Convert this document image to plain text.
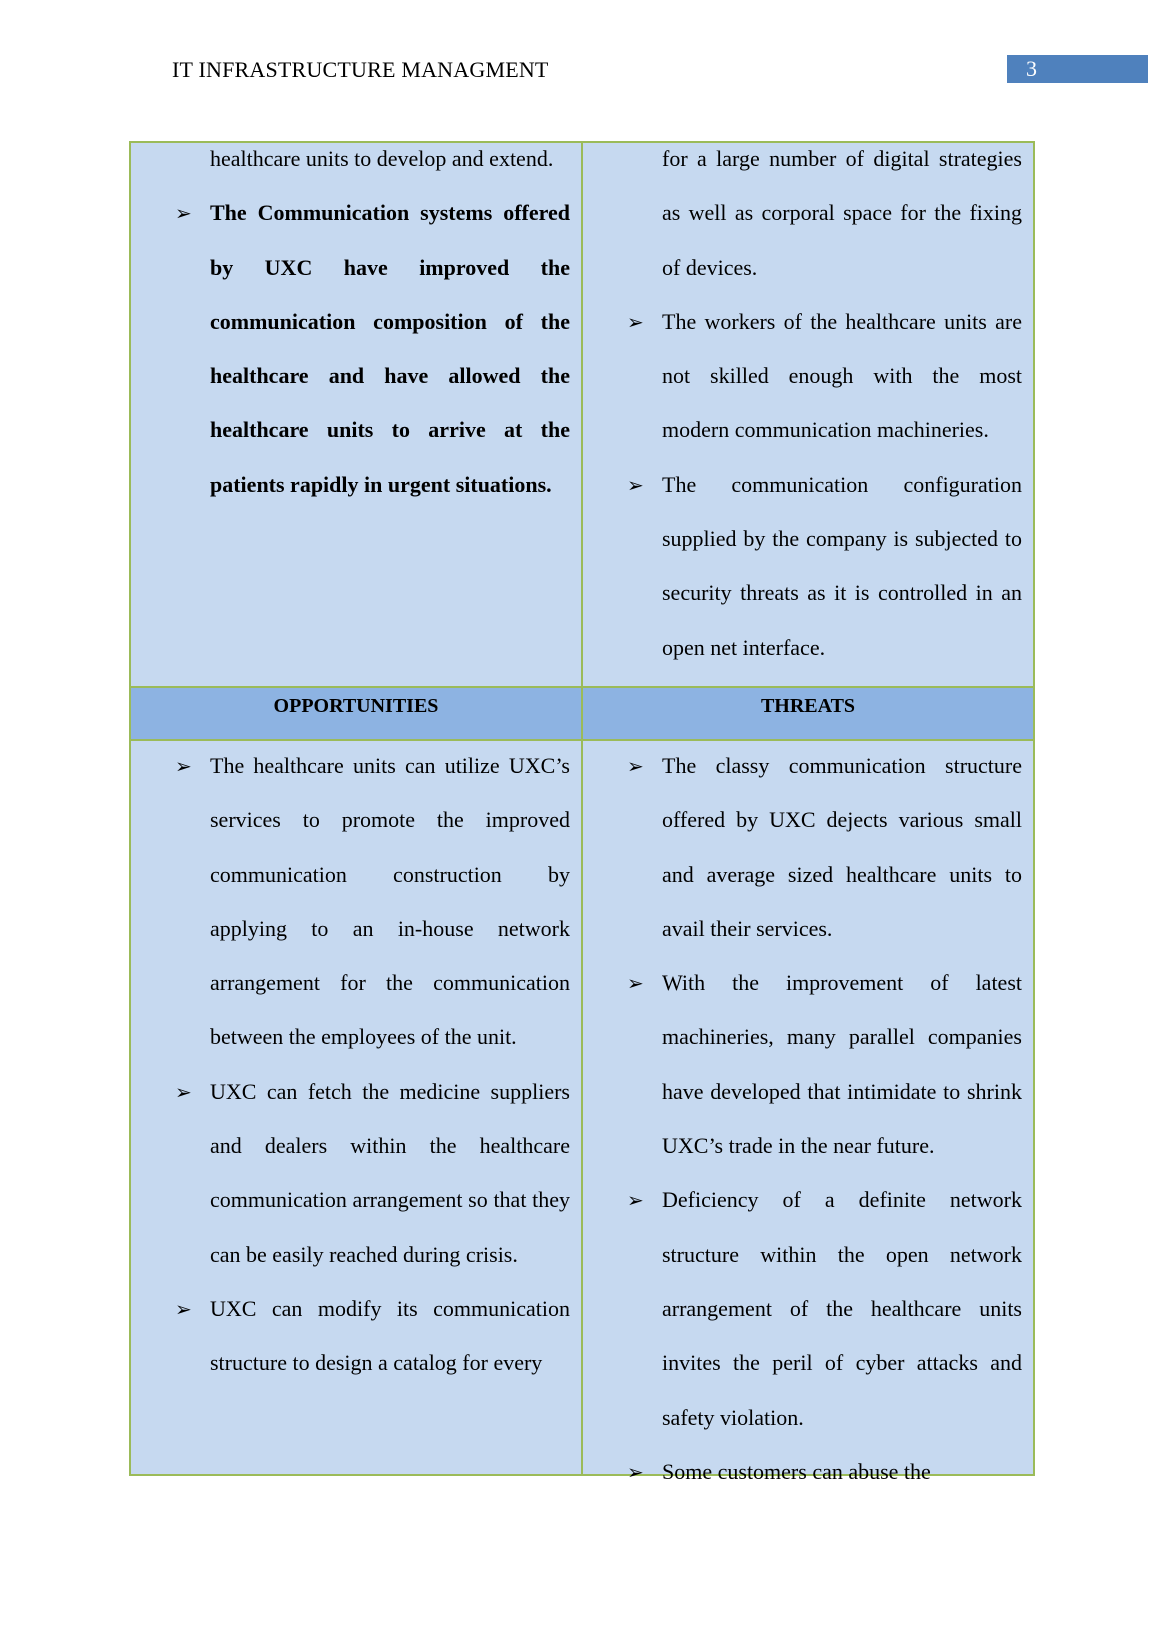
IT INFRASTRUCTURE MANAGMENT	3

healthcare units to develop and extend.

➢ The Communication systems offered by UXC have improved the communication composition of the healthcare and have allowed the healthcare units to arrive at the patients rapidly in urgent situations.

for a large number of digital strategies as well as corporal space for the fixing of devices.

➢ The workers of the healthcare units are not skilled enough with the most modern communication machineries.

➢ The communication configuration supplied by the company is subjected to security threats as it is controlled in an open net interface.

OPPORTUNITIES	THREATS
➢ The healthcare units can utilize UXC’s services to promote the improved communication construction by applying to an in-house network arrangement for the communication between the employees of the unit.

➢ UXC can fetch the medicine suppliers and dealers within the healthcare communication arrangement so that they can be easily reached during crisis.

➢ UXC can modify its communication structure to design a catalog for every

➢ The classy communication structure offered by UXC dejects various small and average sized healthcare units to avail their services.

➢ With the improvement of latest machineries, many parallel companies have developed that intimidate to shrink UXC’s trade in the near future.

➢ Deficiency of a definite network structure within the open network arrangement of the healthcare units invites the peril of cyber attacks and safety violation.

➢ Some customers can abuse the
